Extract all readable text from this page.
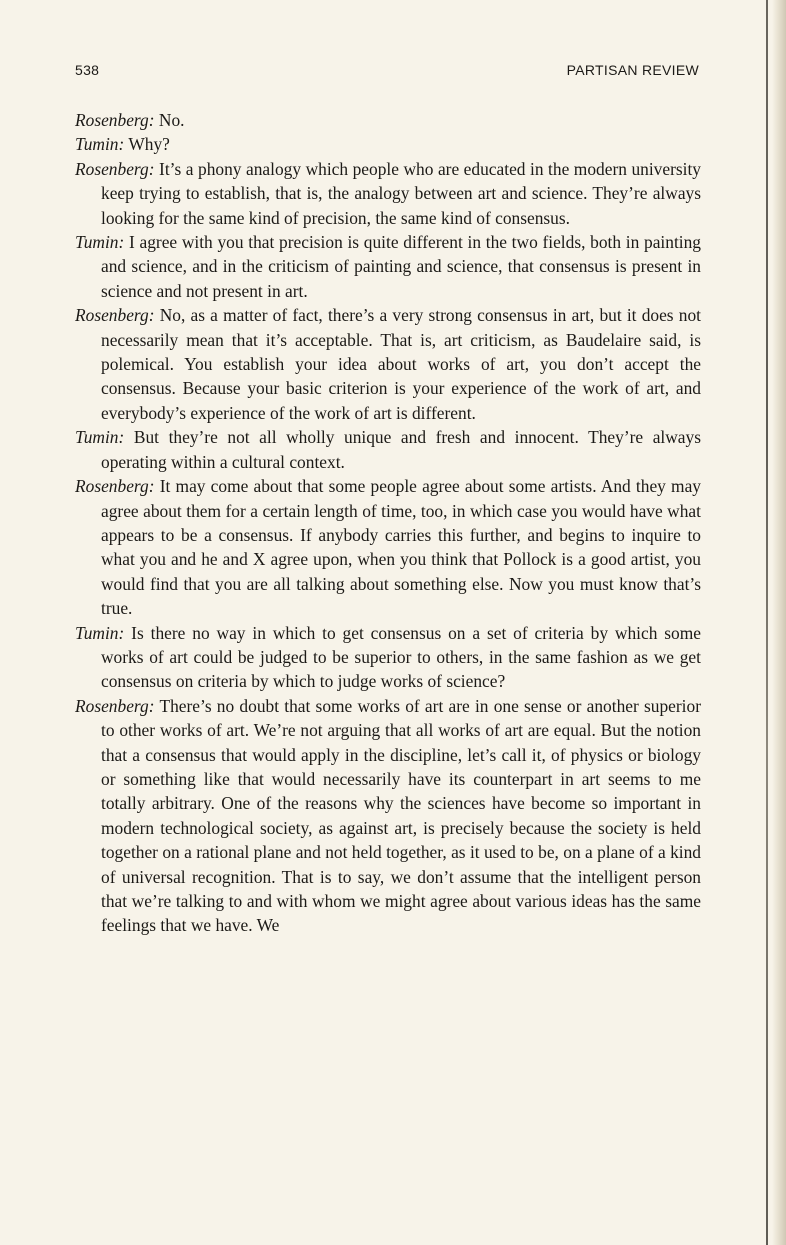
538	PARTISAN REVIEW

Rosenberg: No.

Tumin: Why?

Rosenberg: It’s a phony analogy which people who are educated in the modern university keep trying to establish, that is, the analogy between art and science. They’re always looking for the same kind of precision, the same kind of consensus.

Tumin: I agree with you that precision is quite different in the two fields, both in painting and science, and in the criticism of painting and science, that consensus is present in science and not present in art.

Rosenberg: No, as a matter of fact, there’s a very strong consensus in art, but it does not necessarily mean that it’s acceptable. That is, art criticism, as Baudelaire said, is polemical. You establish your idea about works of art, you don’t accept the consensus. Because your basic criterion is your experience of the work of art, and everybody’s experience of the work of art is different.

Tumin: But they’re not all wholly unique and fresh and innocent. They’re always operating within a cultural context.

Rosenberg: It may come about that some people agree about some artists. And they may agree about them for a certain length of time, too, in which case you would have what appears to be a consensus. If anybody carries this further, and begins to inquire to what you and he and X agree upon, when you think that Pollock is a good artist, you would find that you are all talking about something else. Now you must know that’s true.

Tumin: Is there no way in which to get consensus on a set of criteria by which some works of art could be judged to be superior to others, in the same fashion as we get consensus on criteria by which to judge works of science?

Rosenberg: There’s no doubt that some works of art are in one sense or another superior to other works of art. We’re not arguing that all works of art are equal. But the notion that a consensus that would apply in the discipline, let’s call it, of physics or biology or something like that would necessarily have its counterpart in art seems to me totally arbitrary. One of the reasons why the sciences have become so important in modern technological society, as against art, is precisely because the society is held together on a rational plane and not held together, as it used to be, on a plane of a kind of universal recognition. That is to say, we don’t assume that the intelligent person that we’re talking to and with whom we might agree about various ideas has the same feelings that we have. We
